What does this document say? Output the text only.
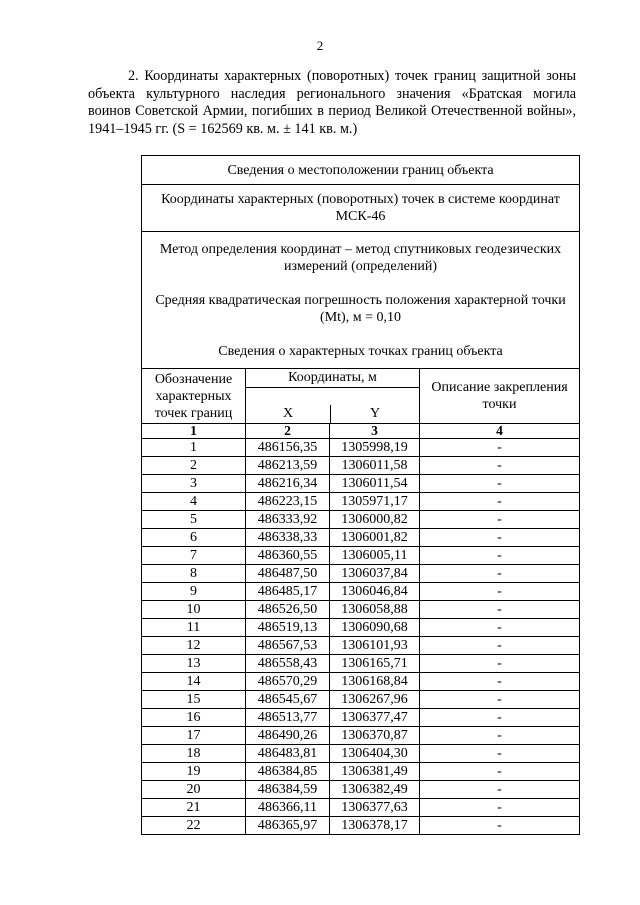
2
2. Координаты характерных (поворотных) точек границ защитной зоны объекта культурного наследия регионального значения «Братская могила воинов Советской Армии, погибших в период Великой Отечественной войны», 1941–1945 гг. (S = 162569 кв. м. ± 141 кв. м.)
Сведения о местоположении границ объекта			
Координаты характерных (поворотных) точек в системе координат МСК-46			

Метод определения координат – метод спутниковых геодезических измерений (определений)

Средняя квадратическая погрешность положения характерной точки (Mt), м = 0,10

Сведения о характерных точках границ объекта			

Обозначение характерных точек границ	Координаты, м
X Y		Описание закрепления точки
1	2	3	4
1	486156,35	1305998,19	-
2	486213,59	1306011,58	-
3	486216,34	1306011,54	-
4	486223,15	1305971,17	-
5	486333,92	1306000,82	-
6	486338,33	1306001,82	-
7	486360,55	1306005,11	-
8	486487,50	1306037,84	-
9	486485,17	1306046,84	-
10	486526,50	1306058,88	-
11	486519,13	1306090,68	-
12	486567,53	1306101,93	-
13	486558,43	1306165,71	-
14	486570,29	1306168,84	-
15	486545,67	1306267,96	-
16	486513,77	1306377,47	-
17	486490,26	1306370,87	-
18	486483,81	1306404,30	-
19	486384,85	1306381,49	-
20	486384,59	1306382,49	-
21	486366,11	1306377,63	-
22	486365,97	1306378,17	-
